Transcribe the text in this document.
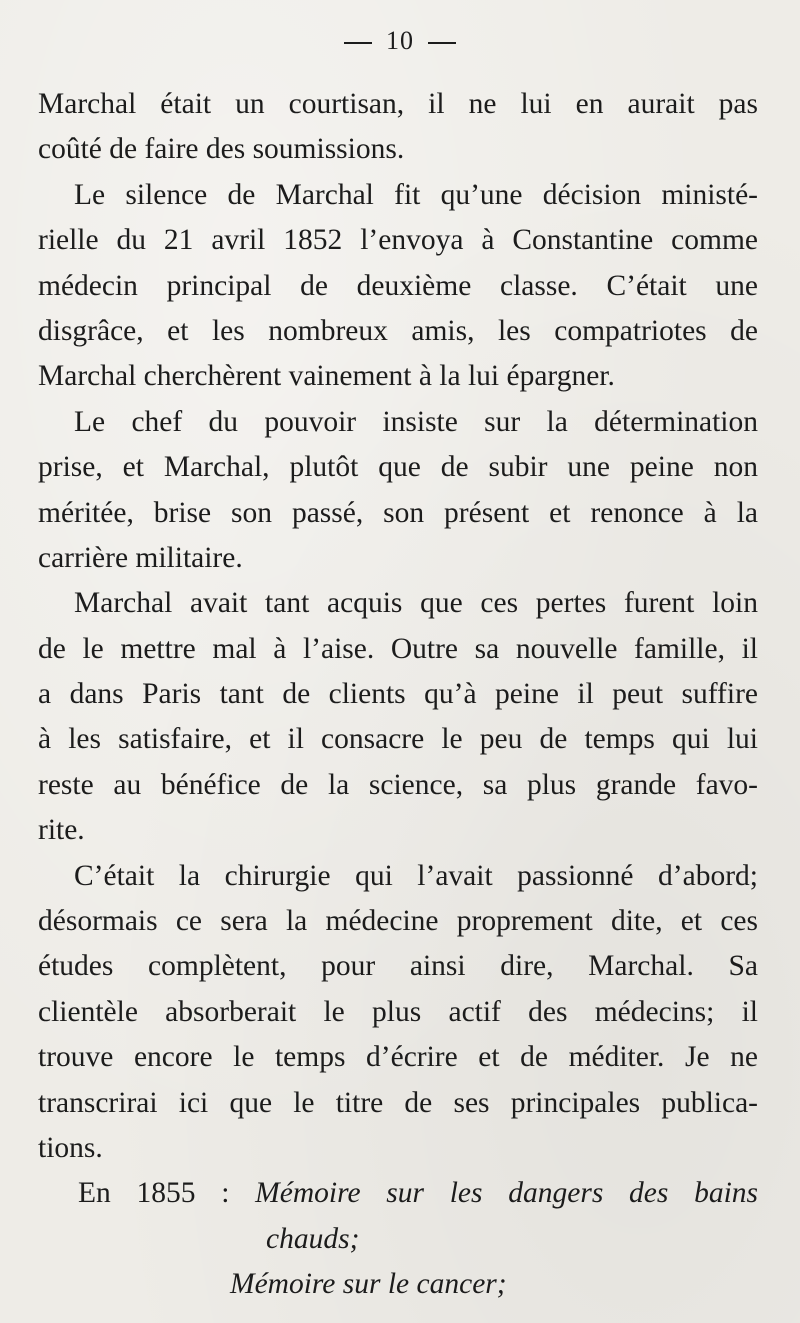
10
Marchal était un courtisan, il ne lui en aurait pas
coûté de faire des soumissions.
Le silence de Marchal fit qu’une décision ministé-
rielle du 21 avril 1852 l’envoya à Constantine comme
médecin principal de deuxième classe. C’était une
disgrâce, et les nombreux amis, les compatriotes de
Marchal cherchèrent vainement à la lui épargner.
Le chef du pouvoir insiste sur la détermination
prise, et Marchal, plutôt que de subir une peine non
méritée, brise son passé, son présent et renonce à la
carrière militaire.
Marchal avait tant acquis que ces pertes furent loin
de le mettre mal à l’aise. Outre sa nouvelle famille, il
a dans Paris tant de clients qu’à peine il peut suffire
à les satisfaire, et il consacre le peu de temps qui lui
reste au bénéfice de la science, sa plus grande favo-
rite.
C’était la chirurgie qui l’avait passionné d’abord;
désormais ce sera la médecine proprement dite, et ces
études complètent, pour ainsi dire, Marchal. Sa
clientèle absorberait le plus actif des médecins; il
trouve encore le temps d’écrire et de méditer. Je ne
transcrirai ici que le titre de ses principales publica-
tions.
En 1855 : Mémoire sur les dangers des bains
chauds;
Mémoire sur le cancer;
